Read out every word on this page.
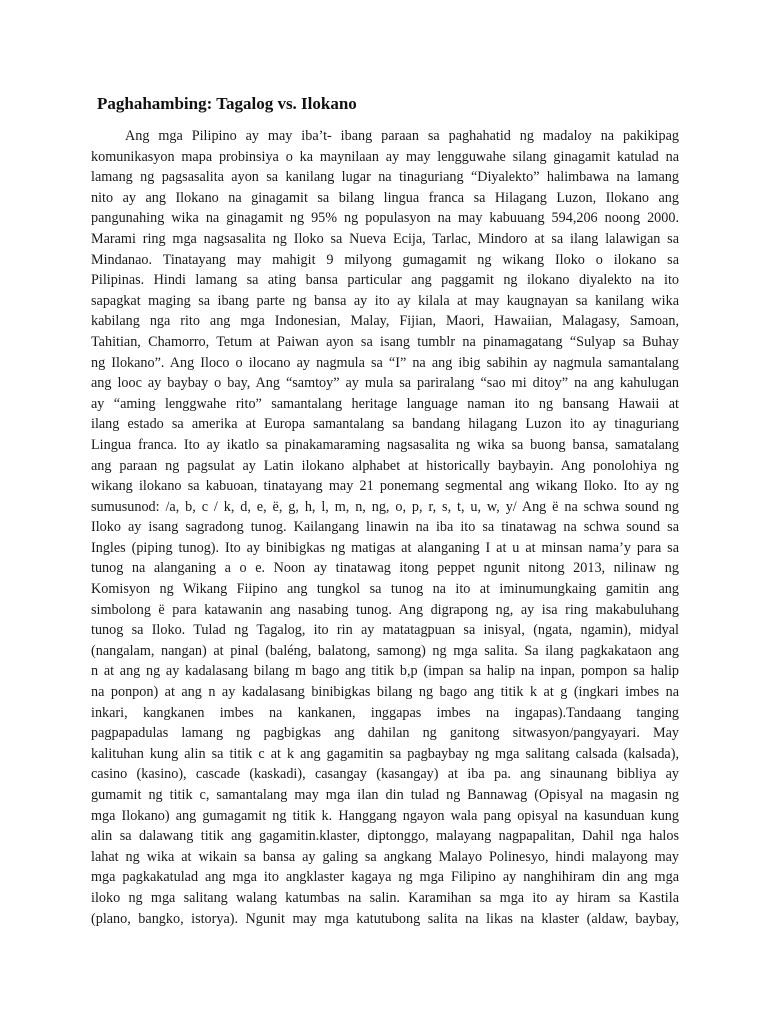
Paghahambing: Tagalog vs. Ilokano
Ang mga Pilipino ay may iba’t- ibang paraan sa paghahatid ng madaloy na pakikipag
komunikasyon mapa probinsiya o ka maynilaan ay may lengguwahe silang ginagamit katulad na
lamang ng pagsasalita ayon sa kanilang lugar na tinaguriang “Diyalekto” halimbawa na lamang
nito ay ang Ilokano na ginagamit sa bilang lingua franca sa Hilagang Luzon, Ilokano ang
pangunahing wika na ginagamit ng 95% ng populasyon na may kabuuang 594,206 noong 2000.
Marami ring mga nagsasalita ng Iloko sa Nueva Ecija, Tarlac, Mindoro at sa ilang lalawigan sa
Mindanao. Tinatayang may mahigit 9 milyong gumagamit ng wikang Iloko o ilokano sa
Pilipinas. Hindi lamang sa ating bansa particular ang paggamit ng ilokano diyalekto na ito
sapagkat maging sa ibang parte ng bansa ay ito ay kilala at may kaugnayan sa kanilang wika
kabilang nga rito ang mga Indonesian, Malay, Fijian, Maori, Hawaiian, Malagasy, Samoan,
Tahitian, Chamorro, Tetum at Paiwan ayon sa isang tumblr na pinamagatang “Sulyap sa Buhay
ng Ilokano”. Ang Iloco o ilocano ay nagmula sa “I” na ang ibig sabihin ay nagmula samantalang
ang looc ay baybay o bay, Ang “samtoy” ay mula sa pariralang “sao mi ditoy” na ang kahulugan
ay “aming lenggwahe rito” samantalang heritage language naman ito ng bansang Hawaii at
ilang estado sa amerika at Europa samantalang sa bandang hilagang Luzon ito ay tinaguriang
Lingua franca. Ito ay ikatlo sa pinakamaraming nagsasalita ng wika sa buong bansa, samatalang
ang paraan ng pagsulat ay Latin ilokano alphabet at historically baybayin. Ang ponolohiya ng
wikang ilokano sa kabuoan, tinatayang may 21 ponemang segmental ang wikang Iloko. Ito ay ng
sumusunod: /a, b, c / k, d, e, ë, g, h, l, m, n, ng, o, p, r, s, t, u, w, y/ Ang ë na schwa sound ng
Iloko ay isang sagradong tunog. Kailangang linawin na iba ito sa tinatawag na schwa sound sa
Ingles (piping tunog). Ito ay binibigkas ng matigas at alanganing I at u at minsan nama’y para sa
tunog na alanganing a o e. Noon ay tinatawag itong peppet ngunit nitong 2013, nilinaw ng
Komisyon ng Wikang Fiipino ang tungkol sa tunog na ito at iminumungkaing gamitin ang
simbolong ë para katawanin ang nasabing tunog. Ang digrapong ng, ay isa ring makabuluhang
tunog sa Iloko. Tulad ng Tagalog, ito rin ay matatagpuan sa inisyal, (ngata, ngamin), midyal
(nangalam, nangan) at pinal (baléng, balatong, samong) ng mga salita. Sa ilang pagkakataon ang
n at ang ng ay kadalasang bilang m bago ang titik b,p (impan sa halip na inpan, pompon sa halip
na ponpon) at ang n ay kadalasang binibigkas bilang ng bago ang titik k at g (ingkari imbes na
inkari, kangkanen imbes na kankanen, inggapas imbes na ingapas).Tandaang tanging
pagpapadulas lamang ng pagbigkas ang dahilan ng ganitong sitwasyon/pangyayari. May
kalituhan kung alin sa titik c at k ang gagamitin sa pagbaybay ng mga salitang calsada (kalsada),
casino (kasino), cascade (kaskadi), casangay (kasangay) at iba pa. ang sinaunang bibliya ay
gumamit ng titik c, samantalang may mga ilan din tulad ng Bannawag (Opisyal na magasin ng
mga Ilokano) ang gumagamit ng titik k. Hanggang ngayon wala pang opisyal na kasunduan kung
alin sa dalawang titik ang gagamitin.klaster, diptonggo, malayang nagpapalitan, Dahil nga halos
lahat ng wika at wikain sa bansa ay galing sa angkang Malayo Polinesyo, hindi malayong may
mga pagkakatulad ang mga ito angklaster kagaya ng mga Filipino ay nanghihiram din ang mga
iloko ng mga salitang walang katumbas na salin. Karamihan sa mga ito ay hiram sa Kastila
(plano, bangko, istorya). Ngunit may mga katutubong salita na likas na klaster (aldaw, baybay,
